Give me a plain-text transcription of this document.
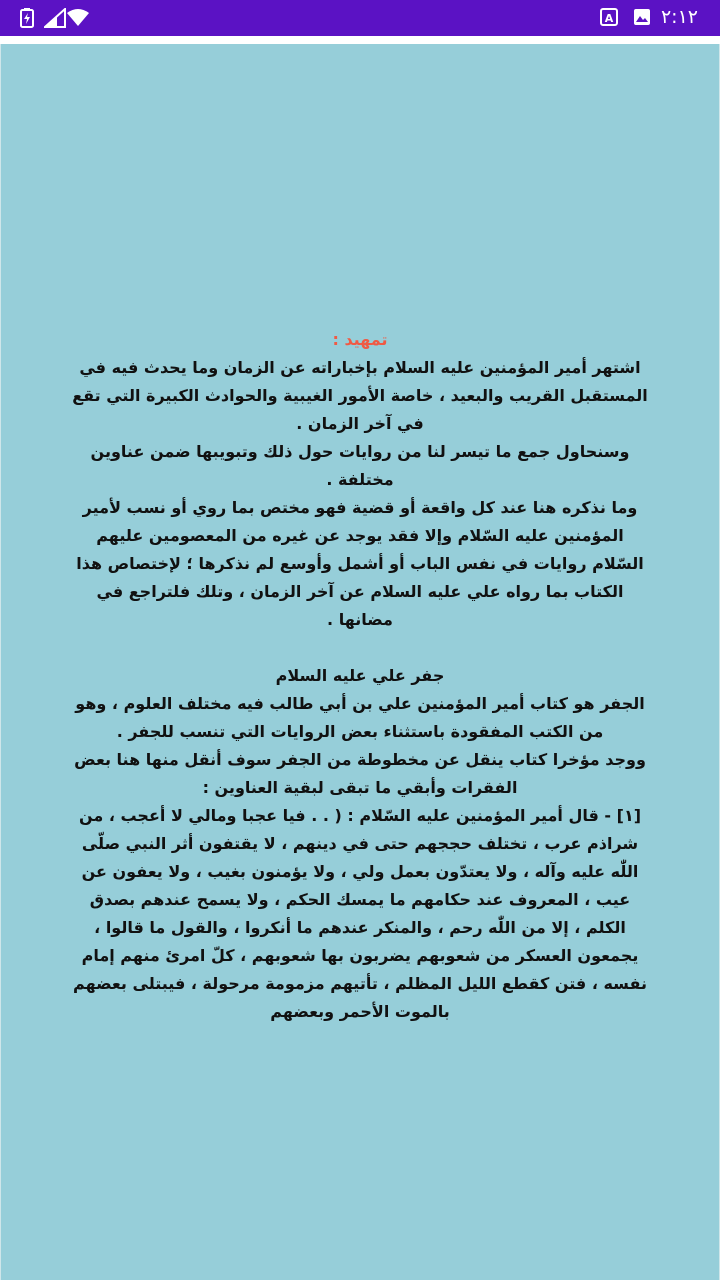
A	٢:١٢

تمهيد :

اشتهر أمير المؤمنين عليه السلام بإخباراته عن الزمان وما يحدث فيه في المستقبل القريب والبعيد ، خاصة الأمور الغيبية والحوادث الكبيرة التي تقع في آخر الزمان .

وسنحاول جمع ما تيسر لنا من روايات حول ذلك وتبويبها ضمن عناوين مختلفة .

وما نذكره هنا عند كل واقعة أو قضية فهو مختص بما روي أو نسب لأمير المؤمنين عليه السّلام وإلا فقد يوجد عن غيره من المعصومين عليهم السّلام روايات في نفس الباب أو أشمل وأوسع لم نذكرها ؛ لإختصاص هذا الكتاب بما رواه علي عليه السلام عن آخر الزمان ، وتلك فلتراجع في مضانها .

جفر علي عليه السلام

الجفر هو كتاب أمير المؤمنين علي بن أبي طالب فيه مختلف العلوم ، وهو من الكتب المفقودة باستثناء بعض الروايات التي تنسب للجفر .

ووجد مؤخرا كتاب ينقل عن مخطوطة من الجفر سوف أنقل منها هنا بعض الفقرات وأبقي ما تبقى لبقية العناوين :

[١] - قال أمير المؤمنين عليه السّلام : ( . . فيا عجبا ومالي لا أعجب ، من شراذم عرب ، تختلف حججهم حتى في دينهم ، لا يقتفون أثر النبي صلّى اللّٰه عليه وآله ، ولا يعتدّون بعمل ولي ، ولا يؤمنون بغيب ، ولا يعفون عن عيب ، المعروف عند حكامهم ما يمسك الحكم ، ولا يسمح عندهم بصدق الكلم ، إلا من اللّٰه رحم ، والمنكر عندهم ما أنكروا ، والقول ما قالوا ، يجمعون العسكر من شعوبهم يضربون بها شعوبهم ، كلّ امرئ منهم إمام نفسه ، فتن كقطع الليل المظلم ، تأتيهم مزمومة مرحولة ، فيبتلى بعضهم بالموت الأحمر وبعضهم
